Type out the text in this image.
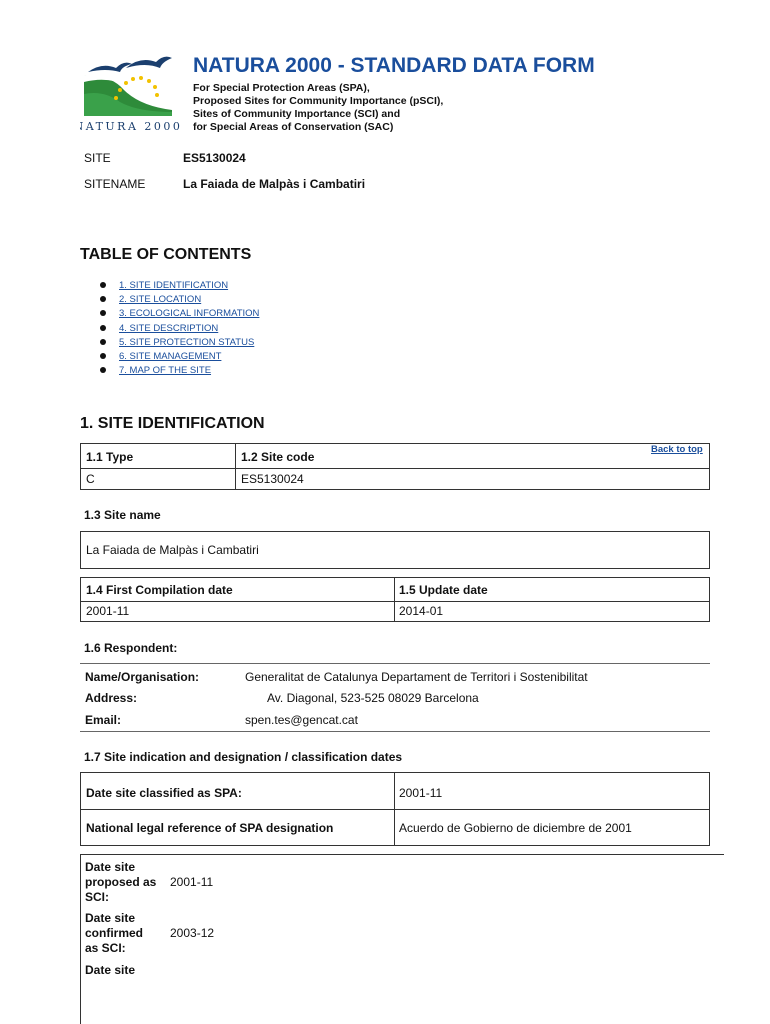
NATURA 2000
NATURA 2000 - STANDARD DATA FORM
For Special Protection Areas (SPA),
Proposed Sites for Community Importance (pSCI),
Sites of Community Importance (SCI) and
for Special Areas of Conservation (SAC)
SITE	ES5130024
SITENAME	La Faiada de Malpàs i Cambatiri
TABLE OF CONTENTS
1. SITE IDENTIFICATION
2. SITE LOCATION
3. ECOLOGICAL INFORMATION
4. SITE DESCRIPTION
5. SITE PROTECTION STATUS
6. SITE MANAGEMENT
7. MAP OF THE SITE
1. SITE IDENTIFICATION
Back to top
1.1 Type	1.2 Site code
C	ES5130024
1.3 Site name
La Faiada de Malpàs i Cambatiri
1.4 First Compilation date	1.5 Update date
2001-11	2014-01
1.6 Respondent:
Name/Organisation:	Generalitat de Catalunya Departament de Territori i Sostenibilitat
Address:	Av. Diagonal, 523-525 08029 Barcelona
Email:	spen.tes@gencat.cat
1.7 Site indication and designation / classification dates
Date site classified as SPA:	2001-11
National legal reference of SPA designation	Acuerdo de Gobierno de diciembre de 2001
Date site
proposed as
SCI:
2001-11
Date site
confirmed
as SCI:
2003-12
Date site
